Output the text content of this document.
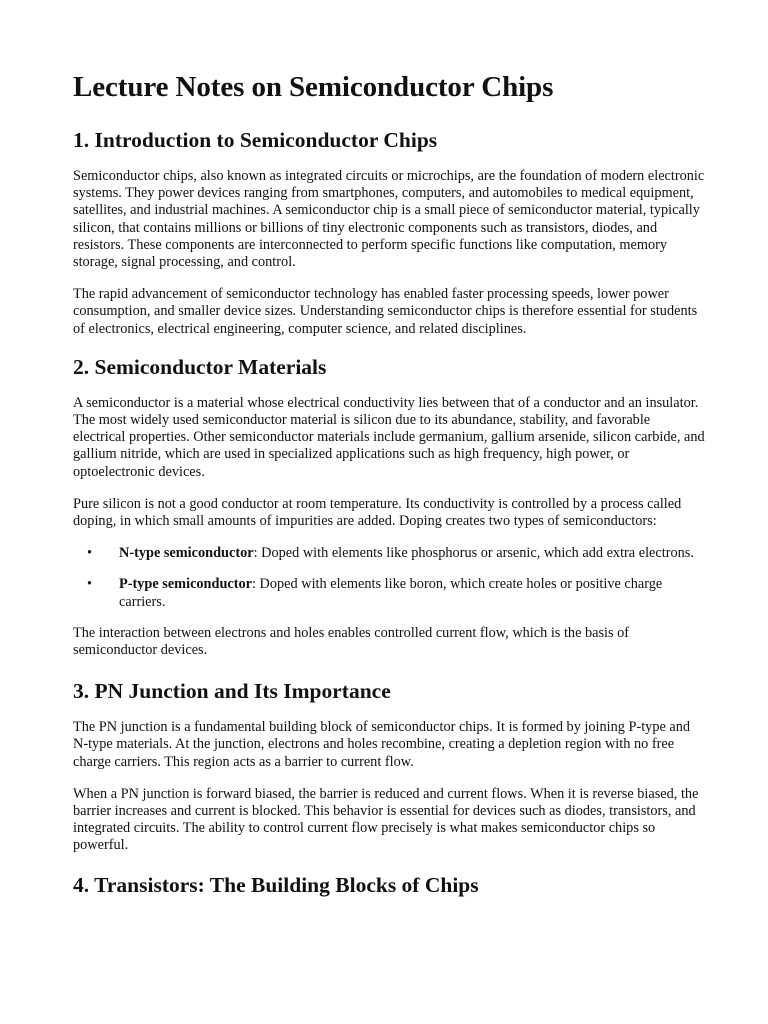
Lecture Notes on Semiconductor Chips
1. Introduction to Semiconductor Chips

Semiconductor chips, also known as integrated circuits or microchips, are the foundation of modern electronic systems. They power devices ranging from smartphones, computers, and automobiles to medical equipment, satellites, and industrial machines. A semiconductor chip is a small piece of semiconductor material, typically silicon, that contains millions or billions of tiny electronic components such as transistors, diodes, and resistors. These components are interconnected to perform specific functions like computation, memory storage, signal processing, and control.

The rapid advancement of semiconductor technology has enabled faster processing speeds, lower power consumption, and smaller device sizes. Understanding semiconductor chips is therefore essential for students of electronics, electrical engineering, computer science, and related disciplines.

2. Semiconductor Materials

A semiconductor is a material whose electrical conductivity lies between that of a conductor and an insulator. The most widely used semiconductor material is silicon due to its abundance, stability, and favorable electrical properties. Other semiconductor materials include germanium, gallium arsenide, silicon carbide, and gallium nitride, which are used in specialized applications such as high frequency, high power, or optoelectronic devices.

Pure silicon is not a good conductor at room temperature. Its conductivity is controlled by a process called doping, in which small amounts of impurities are added. Doping creates two types of semiconductors:

• N-type semiconductor: Doped with elements like phosphorus or arsenic, which add extra electrons.
• P-type semiconductor: Doped with elements like boron, which create holes or positive charge carriers.

The interaction between electrons and holes enables controlled current flow, which is the basis of semiconductor devices.

3. PN Junction and Its Importance

The PN junction is a fundamental building block of semiconductor chips. It is formed by joining P-type and N-type materials. At the junction, electrons and holes recombine, creating a depletion region with no free charge carriers. This region acts as a barrier to current flow.

When a PN junction is forward biased, the barrier is reduced and current flows. When it is reverse biased, the barrier increases and current is blocked. This behavior is essential for devices such as diodes, transistors, and integrated circuits. The ability to control current flow precisely is what makes semiconductor chips so powerful.

4. Transistors: The Building Blocks of Chips
